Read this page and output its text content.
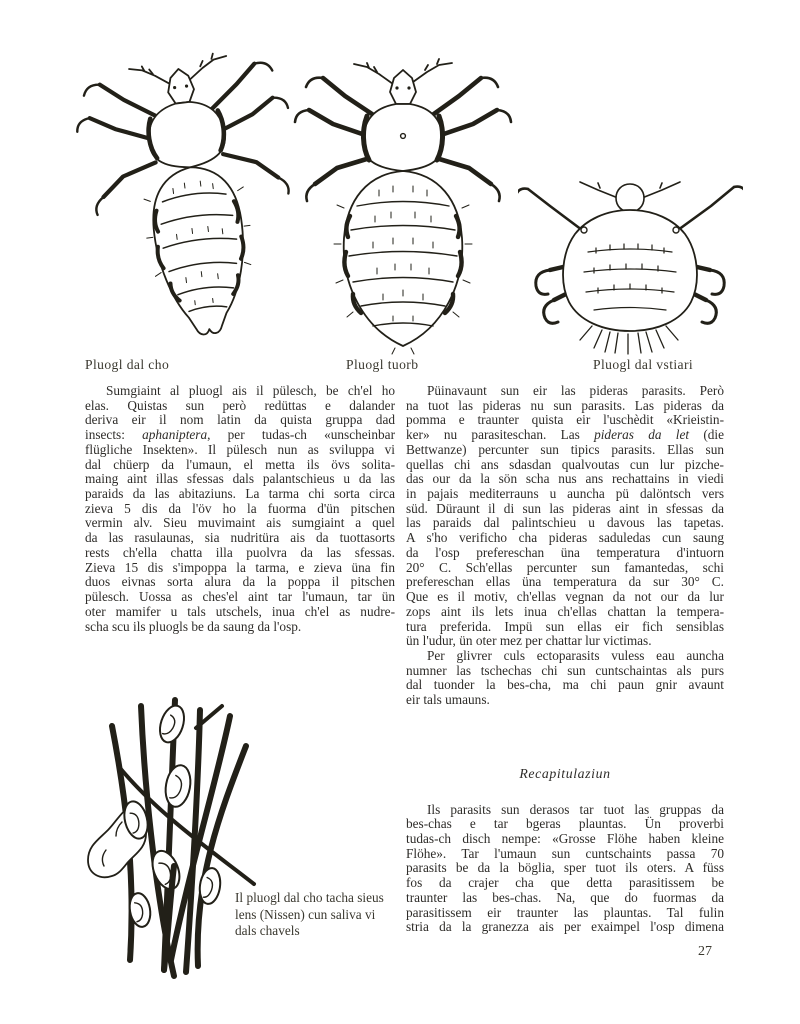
Pluogl dal cho	Pluogl tuorb	Pluogl dal vstiari
Sumgiaint al pluogl ais il pülesch, be ch'el ho
elas. Quistas sun però redüttas e dalander
deriva eir il nom latin da quista gruppa dad
insects: aphaniptera, per tudas-ch «unscheinbar
flügliche Insekten». Il pülesch nun as sviluppa vi
dal chüerp da l'umaun, el metta ils övs solita-
maing aint illas sfessas dals palantschieus u da las
paraids da las abitaziuns. La tarma chi sorta circa
zieva 5 dis da l'öv ho la fuorma d'ün pitschen
vermin alv. Sieu muvimaint ais sumgiaint a quel
da las rasulaunas, sia nudritüra ais da tuottasorts
rests ch'ella chatta illa puolvra da las sfessas.
Zieva 15 dis s'impoppa la tarma, e zieva üna fin
duos eivnas sorta alura da la poppa il pitschen
pülesch. Uossa as ches'el aint tar l'umaun, tar ün
oter mamifer u tals utschels, inua ch'el as nudre-
scha scu ils pluogls be da saung da l'osp.
Püinavaunt sun eir las pideras parasits. Però
na tuot las pideras nu sun parasits. Las pideras da
pomma e traunter quista eir l'uschèdit «Krieistin-
ker» nu parasiteschan. Las pideras da let (die
Bettwanze) percunter sun tipics parasits. Ellas sun
quellas chi ans sdasdan qualvoutas cun lur pizche-
das our da la sön scha nus ans rechattains in viedi
in pajais mediterrauns u auncha pü dalöntsch vers
süd. Düraunt il di sun las pideras aint in sfessas da
las paraids dal palintschieu u davous las tapetas.
A s'ho verificho cha pideras saduledas cun saung
da l'osp prefereschan üna temperatura d'intuorn
20° C. Sch'ellas percunter sun famantedas, schi
prefereschan ellas üna temperatura da sur 30° C.
Que es il motiv, ch'ellas vegnan da not our da lur
zops aint ils lets inua ch'ellas chattan la tempera-
tura preferida. Impü sun ellas eir fich sensiblas
ün l'udur, ün oter mez per chattar lur victimas.
Per glivrer culs ectoparasits vuless eau auncha
numner las tschechas chi sun cuntschaintas als purs
dal tuonder la bes-cha, ma chi paun gnir avaunt
eir tals umauns.
Recapitulaziun
Ils parasits sun derasos tar tuot las gruppas da
bes-chas e tar bgeras plauntas. Ün proverbi
tudas-ch disch nempe: «Grosse Flöhe haben kleine
Flöhe». Tar l'umaun sun cuntschaints passa 70
parasits be da la böglia, sper tuot ils oters. A füss
fos da crajer cha que detta parasitissem be
traunter las bes-chas. Na, que do fuormas da
parasitissem eir traunter las plauntas. Tal fulin
stria da la granezza ais per exaimpel l'osp dimena
Il pluogl dal cho tacha sieus
lens (Nissen) cun saliva vi
dals chavels
27
